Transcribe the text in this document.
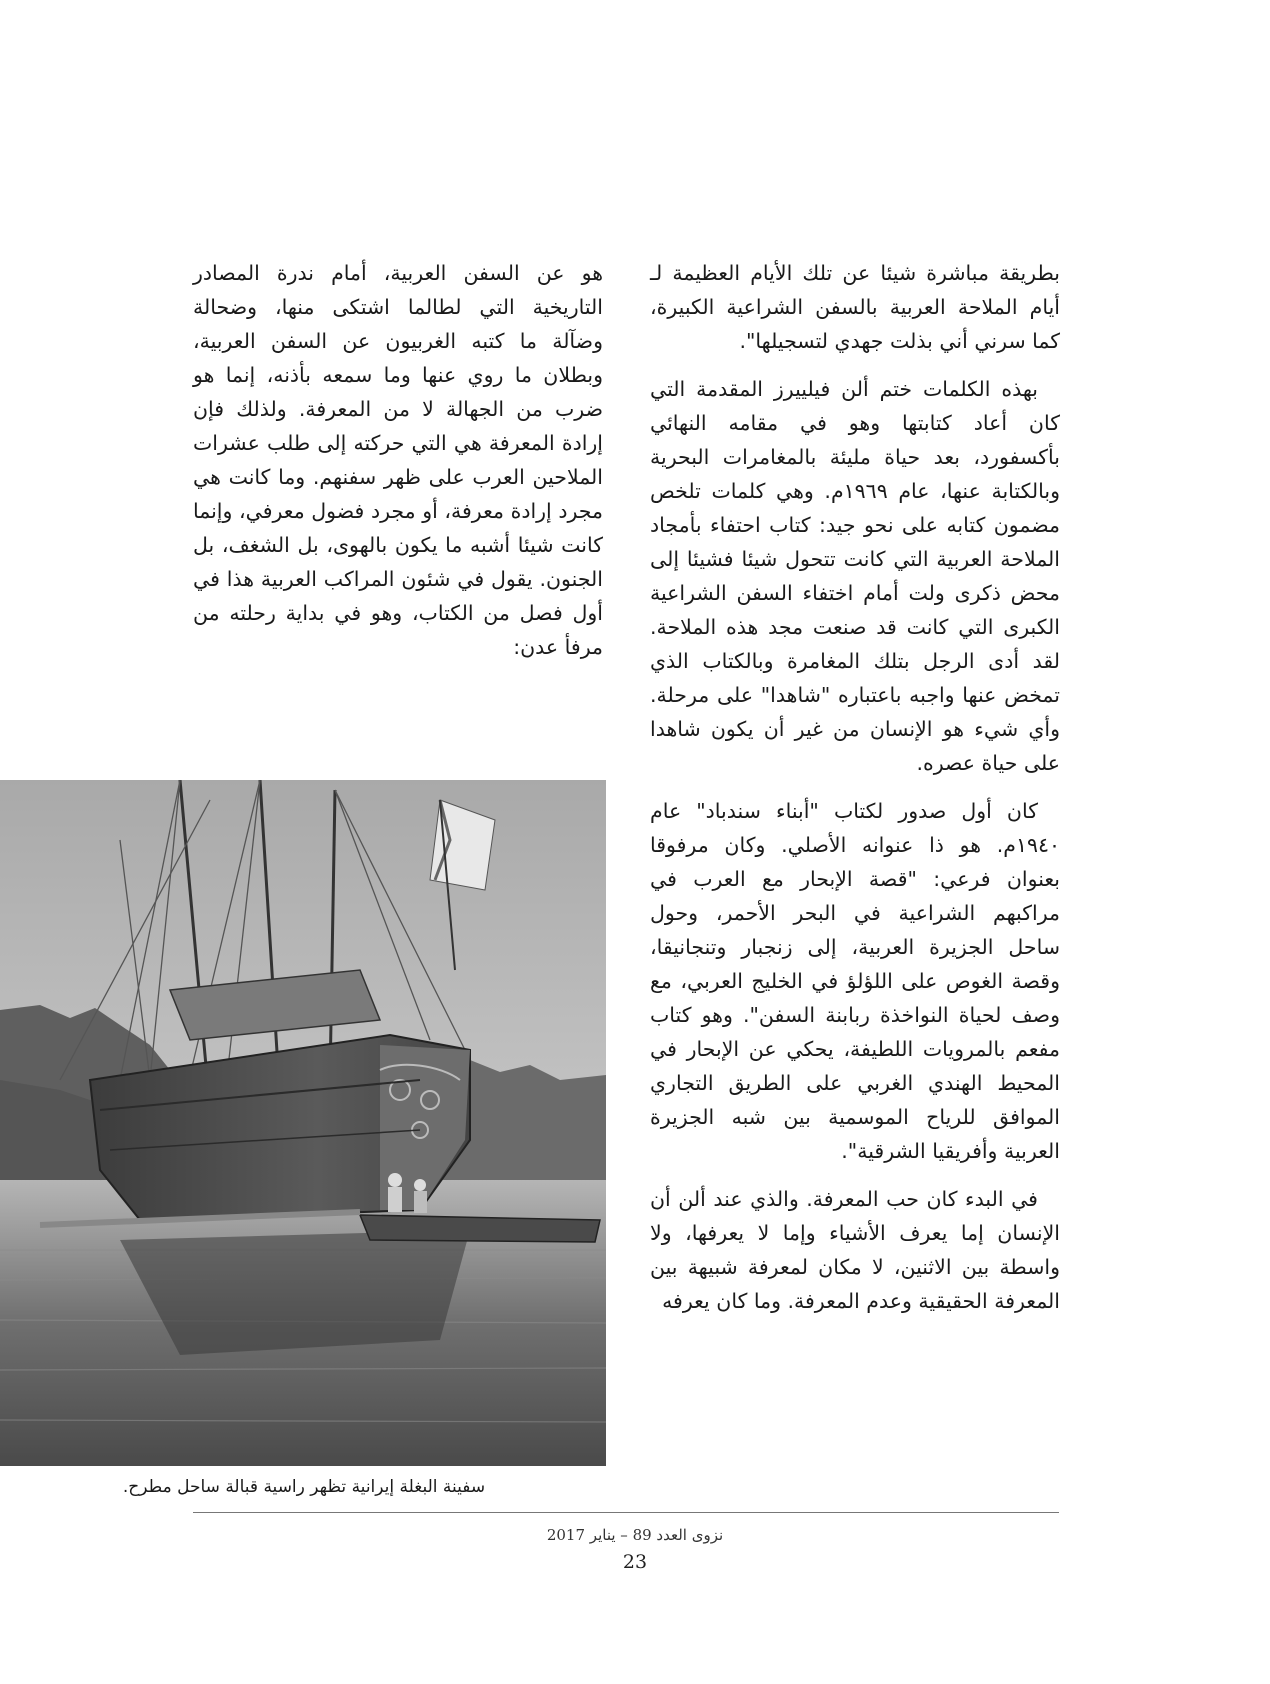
بطريقة مباشرة شيئا عن تلك الأيام العظيمة لـ أيام الملاحة العربية بالسفن الشراعية الكبيرة، كما سرني أني بذلت جهدي لتسجيلها".

بهذه الكلمات ختم ألن فيلييرز المقدمة التي كان أعاد كتابتها وهو في مقامه النهائي بأكسفورد، بعد حياة مليئة بالمغامرات البحرية وبالكتابة عنها، عام ١٩٦٩م. وهي كلمات تلخص مضمون كتابه على نحو جيد: كتاب احتفاء بأمجاد الملاحة العربية التي كانت تتحول شيئا فشيئا إلى محض ذكرى ولت أمام اختفاء السفن الشراعية الكبرى التي كانت قد صنعت مجد هذه الملاحة. لقد أدى الرجل بتلك المغامرة وبالكتاب الذي تمخض عنها واجبه باعتباره "شاهدا" على مرحلة. وأي شيء هو الإنسان من غير أن يكون شاهدا على حياة عصره.

كان أول صدور لكتاب "أبناء سندباد" عام ١٩٤٠م. هو ذا عنوانه الأصلي. وكان مرفوقا بعنوان فرعي: "قصة الإبحار مع العرب في مراكبهم الشراعية في البحر الأحمر، وحول ساحل الجزيرة العربية، إلى زنجبار وتنجانيقا، وقصة الغوص على اللؤلؤ في الخليج العربي، مع وصف لحياة النواخذة ربابنة السفن". وهو كتاب مفعم بالمرويات اللطيفة، يحكي عن الإبحار في المحيط الهندي الغربي على الطريق التجاري الموافق للرياح الموسمية بين شبه الجزيرة العربية وأفريقيا الشرقية".

في البدء كان حب المعرفة. والذي عند ألن أن الإنسان إما يعرف الأشياء وإما لا يعرفها، ولا واسطة بين الاثنين، لا مكان لمعرفة شبيهة بين المعرفة الحقيقية وعدم المعرفة. وما كان يعرفه

هو عن السفن العربية، أمام ندرة المصادر التاريخية التي لطالما اشتكى منها، وضحالة وضآلة ما كتبه الغربيون عن السفن العربية، وبطلان ما روي عنها وما سمعه بأذنه، إنما هو ضرب من الجهالة لا من المعرفة. ولذلك فإن إرادة المعرفة هي التي حركته إلى طلب عشرات الملاحين العرب على ظهر سفنهم. وما كانت هي مجرد إرادة معرفة، أو مجرد فضول معرفي، وإنما كانت شيئا أشبه ما يكون بالهوى، بل الشغف، بل الجنون. يقول في شئون المراكب العربية هذا في أول فصل من الكتاب، وهو في بداية رحلته من مرفأ عدن:

سفينة البغلة إيرانية تظهر راسية قبالة ساحل مطرح.
نزوى العدد 89 – يناير 2017
23
